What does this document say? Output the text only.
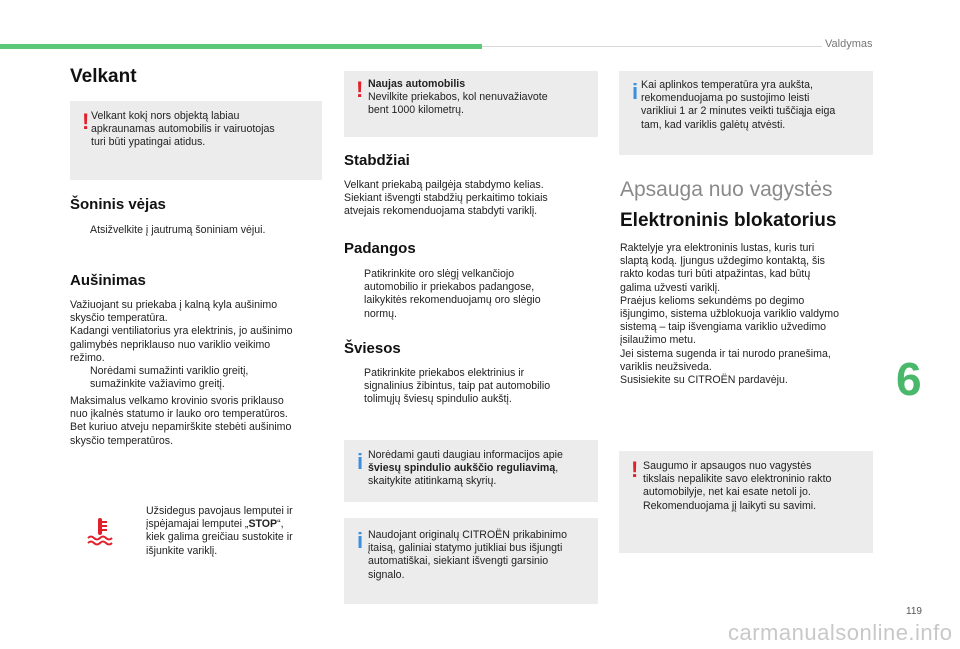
Valdymas
6
119
carmanualsonline.info
Velkant
! Velkant kokį nors objektą labiau
apkraunamas automobilis ir vairuotojas
turi būti ypatingai atidus.
Šoninis vėjas
Atsižvelkite į jautrumą šoniniam vėjui.
Aušinimas
Važiuojant su priekaba į kalną kyla aušinimo
skysčio temperatūra.
Kadangi ventiliatorius yra elektrinis, jo aušinimo
galimybės nepriklauso nuo variklio veikimo
režimo.
Norėdami sumažinti variklio greitį,
sumažinkite važiavimo greitį.
Maksimalus velkamo krovinio svoris priklauso
nuo įkalnės statumo ir lauko oro temperatūros.
Bet kuriuo atveju nepamirškite stebėti aušinimo
skysčio temperatūros.
Užsidegus pavojaus lemputei ir
įspėjamajai lemputei „STOP“,
kiek galima greičiau sustokite ir
išjunkite variklį.
! Naujas automobilis
Nevilkite priekabos, kol nenuvažiavote
bent 1000 kilometrų.
Stabdžiai
Velkant priekabą pailgėja stabdymo kelias.
Siekiant išvengti stabdžių perkaitimo tokiais
atvejais rekomenduojama stabdyti variklį.
Padangos
Patikrinkite oro slėgį velkančiojo
automobilio ir priekabos padangose,
laikykitės rekomenduojamų oro slėgio
normų.
Šviesos
Patikrinkite priekabos elektrinius ir
signalinius žibintus, taip pat automobilio
tolimųjų šviesų spindulio aukštį.
i Norėdami gauti daugiau informacijos apie
šviesų spindulio aukščio reguliavimą,
skaitykite atitinkamą skyrių.
i Naudojant originalų CITROËN prikabinimo
įtaisą, galiniai statymo jutikliai bus išjungti
automatiškai, siekiant išvengti garsinio
signalo.
i Kai aplinkos temperatūra yra aukšta,
rekomenduojama po sustojimo leisti
varikliui 1 ar 2 minutes veikti tuščiąja eiga
tam, kad variklis galėtų atvėsti.
Apsauga nuo vagystės
Elektroninis blokatorius
Raktelyje yra elektroninis lustas, kuris turi
slaptą kodą. Įjungus uždegimo kontaktą, šis
rakto kodas turi būti atpažintas, kad būtų
galima užvesti variklį.
Praėjus kelioms sekundėms po degimo
išjungimo, sistema užblokuoja variklio valdymo
sistemą – taip išvengiama variklio užvedimo
įsilaužimo metu.
Jei sistema sugenda ir tai nurodo pranešima,
variklis neužsiveda.
Susisiekite su CITROËN pardavėju.
! Saugumo ir apsaugos nuo vagystės
tikslais nepalikite savo elektroninio rakto
automobilyje, net kai esate netoli jo.
Rekomenduojama jį laikyti su savimi.
